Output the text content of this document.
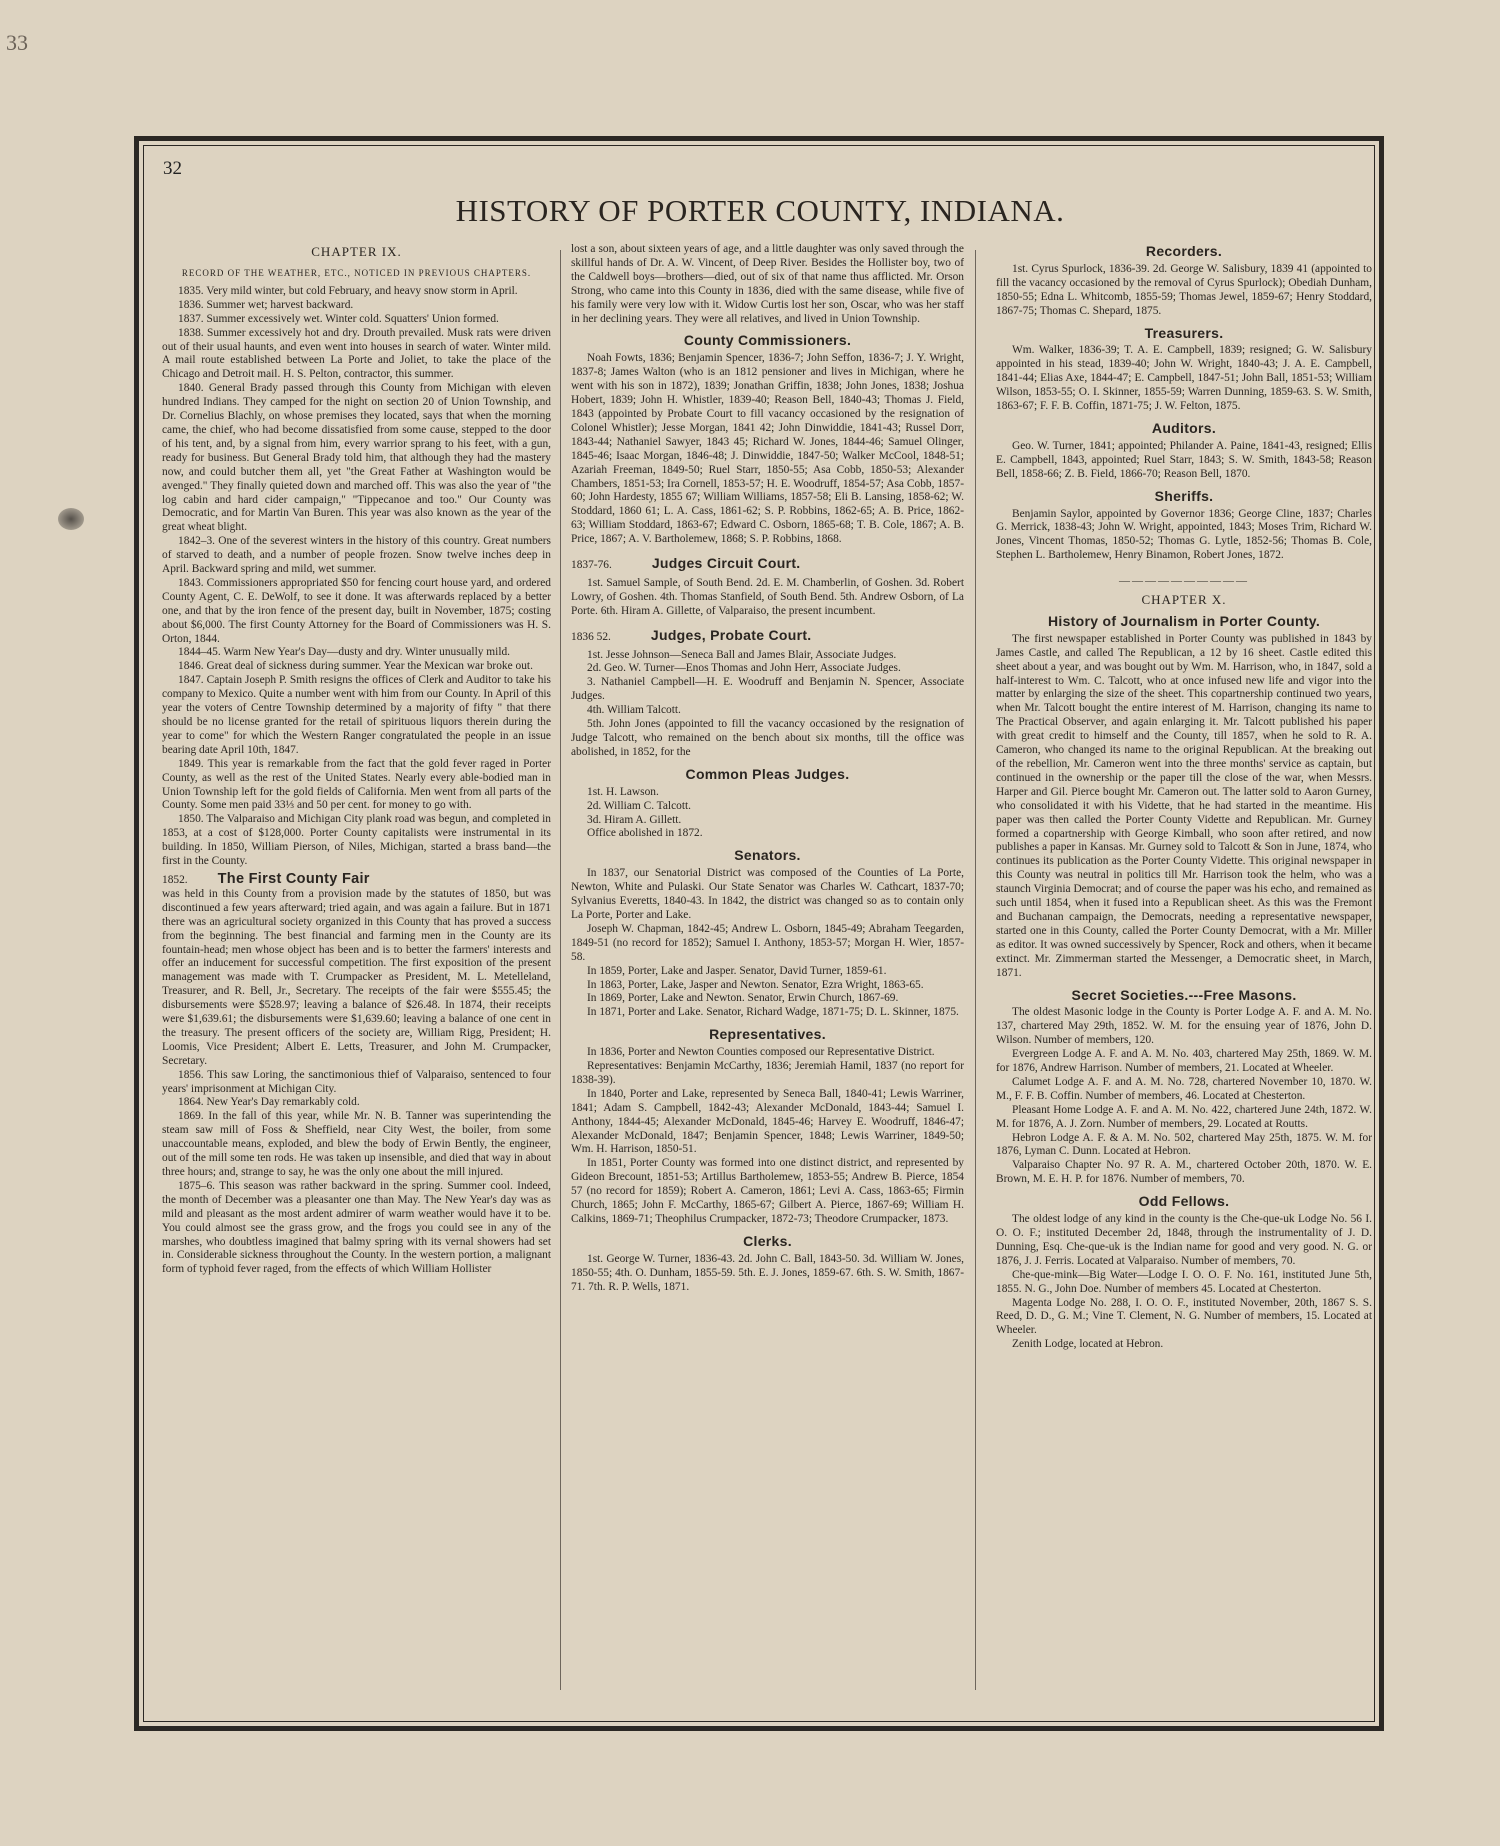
33
32
HISTORY OF PORTER COUNTY, INDIANA.
CHAPTER IX.
RECORD OF THE WEATHER, ETC., NOTICED IN PREVIOUS CHAPTERS.

1835. Very mild winter, but cold February, and heavy snow storm in April.

1836. Summer wet; harvest backward.

1837. Summer excessively wet. Winter cold. Squatters' Union formed.

1838. Summer excessively hot and dry. Drouth prevailed. Musk rats were driven out of their usual haunts, and even went into houses in search of water. Winter mild. A mail route established between La Porte and Joliet, to take the place of the Chicago and Detroit mail. H. S. Pelton, contractor, this summer.

1840. General Brady passed through this County from Michigan with eleven hundred Indians. They camped for the night on section 20 of Union Township, and Dr. Cornelius Blachly, on whose premises they located, says that when the morning came, the chief, who had become dissatisfied from some cause, stepped to the door of his tent, and, by a signal from him, every warrior sprang to his feet, with a gun, ready for business. But General Brady told him, that although they had the mastery now, and could butcher them all, yet "the Great Father at Washington would be avenged." They finally quieted down and marched off. This was also the year of "the log cabin and hard cider campaign," "Tippecanoe and too." Our County was Democratic, and for Martin Van Buren. This year was also known as the year of the great wheat blight.

1842–3. One of the severest winters in the history of this country. Great numbers of starved to death, and a number of people frozen. Snow twelve inches deep in April. Backward spring and mild, wet summer.

1843. Commissioners appropriated $50 for fencing court house yard, and ordered County Agent, C. E. DeWolf, to see it done. It was afterwards replaced by a better one, and that by the iron fence of the present day, built in November, 1875; costing about $6,000. The first County Attorney for the Board of Commissioners was H. S. Orton, 1844.

1844–45. Warm New Year's Day—dusty and dry. Winter unusually mild.

1846. Great deal of sickness during summer. Year the Mexican war broke out.

1847. Captain Joseph P. Smith resigns the offices of Clerk and Auditor to take his company to Mexico. Quite a number went with him from our County. In April of this year the voters of Centre Township determined by a majority of fifty " that there should be no license granted for the retail of spirituous liquors therein during the year to come" for which the Western Ranger congratulated the people in an issue bearing date April 10th, 1847.

1849. This year is remarkable from the fact that the gold fever raged in Porter County, as well as the rest of the United States. Nearly every able-bodied man in Union Township left for the gold fields of California. Men went from all parts of the County. Some men paid 33⅓ and 50 per cent. for money to go with.

1850. The Valparaiso and Michigan City plank road was begun, and completed in 1853, at a cost of $128,000. Porter County capitalists were instrumental in its building. In 1850, William Pierson, of Niles, Michigan, started a brass band—the first in the County.

1852. The First County Fair

was held in this County from a provision made by the statutes of 1850, but was discontinued a few years afterward; tried again, and was again a failure. But in 1871 there was an agricultural society organized in this County that has proved a success from the beginning. The best financial and farming men in the County are its fountain-head; men whose object has been and is to better the farmers' interests and offer an inducement for successful competition. The first exposition of the present management was made with T. Crumpacker as President, M. L. Metelleland, Treasurer, and R. Bell, Jr., Secretary. The receipts of the fair were $555.45; the disbursements were $528.97; leaving a balance of $26.48. In 1874, their receipts were $1,639.61; the disbursements were $1,639.60; leaving a balance of one cent in the treasury. The present officers of the society are, William Rigg, President; H. Loomis, Vice President; Albert E. Letts, Treasurer, and John M. Crumpacker, Secretary.

1856. This saw Loring, the sanctimonious thief of Valparaiso, sentenced to four years' imprisonment at Michigan City.

1864. New Year's Day remarkably cold.

1869. In the fall of this year, while Mr. N. B. Tanner was superintending the steam saw mill of Foss & Sheffield, near City West, the boiler, from some unaccountable means, exploded, and blew the body of Erwin Bently, the engineer, out of the mill some ten rods. He was taken up insensible, and died that way in about three hours; and, strange to say, he was the only one about the mill injured.

1875–6. This season was rather backward in the spring. Summer cool. Indeed, the month of December was a pleasanter one than May. The New Year's day was as mild and pleasant as the most ardent admirer of warm weather would have it to be. You could almost see the grass grow, and the frogs you could see in any of the marshes, who doubtless imagined that balmy spring with its vernal showers had set in. Considerable sickness throughout the County. In the western portion, a malignant form of typhoid fever raged, from the effects of which William Hollister

lost a son, about sixteen years of age, and a little daughter was only saved through the skillful hands of Dr. A. W. Vincent, of Deep River. Besides the Hollister boy, two of the Caldwell boys—brothers—died, out of six of that name thus afflicted. Mr. Orson Strong, who came into this County in 1836, died with the same disease, while five of his family were very low with it. Widow Curtis lost her son, Oscar, who was her staff in her declining years. They were all relatives, and lived in Union Township.

County Commissioners.

Noah Fowts, 1836; Benjamin Spencer, 1836-7; John Seffon, 1836-7; J. Y. Wright, 1837-8; James Walton (who is an 1812 pensioner and lives in Michigan, where he went with his son in 1872), 1839; Jonathan Griffin, 1838; John Jones, 1838; Joshua Hobert, 1839; John H. Whistler, 1839-40; Reason Bell, 1840-43; Thomas J. Field, 1843 (appointed by Probate Court to fill vacancy occasioned by the resignation of Colonel Whistler); Jesse Morgan, 1841 42; John Dinwiddie, 1841-43; Russel Dorr, 1843-44; Nathaniel Sawyer, 1843 45; Richard W. Jones, 1844-46; Samuel Olinger, 1845-46; Isaac Morgan, 1846-48; J. Dinwiddie, 1847-50; Walker McCool, 1848-51; Azariah Freeman, 1849-50; Ruel Starr, 1850-55; Asa Cobb, 1850-53; Alexander Chambers, 1851-53; Ira Cornell, 1853-57; H. E. Woodruff, 1854-57; Asa Cobb, 1857-60; John Hardesty, 1855 67; William Williams, 1857-58; Eli B. Lansing, 1858-62; W. Stoddard, 1860 61; L. A. Cass, 1861-62; S. P. Robbins, 1862-65; A. B. Price, 1862-63; William Stoddard, 1863-67; Edward C. Osborn, 1865-68; T. B. Cole, 1867; A. B. Price, 1867; A. V. Bartholemew, 1868; S. P. Robbins, 1868.

1837-76.	Judges Circuit Court.

1st. Samuel Sample, of South Bend. 2d. E. M. Chamberlin, of Goshen. 3d. Robert Lowry, of Goshen. 4th. Thomas Stanfield, of South Bend. 5th. Andrew Osborn, of La Porte. 6th. Hiram A. Gillette, of Valparaiso, the present incumbent.

1836 52.	Judges, Probate Court.

1st. Jesse Johnson—Seneca Ball and James Blair, Associate Judges.

2d. Geo. W. Turner—Enos Thomas and John Herr, Associate Judges.

3. Nathaniel Campbell—H. E. Woodruff and Benjamin N. Spencer, Associate Judges.

4th. William Talcott.

5th. John Jones (appointed to fill the vacancy occasioned by the resignation of Judge Talcott, who remained on the bench about six months, till the office was abolished, in 1852, for the

Common Pleas Judges.

1st. H. Lawson.

2d. William C. Talcott.

3d. Hiram A. Gillett.

Office abolished in 1872.

Senators.

In 1837, our Senatorial District was composed of the Counties of La Porte, Newton, White and Pulaski. Our State Senator was Charles W. Cathcart, 1837-70; Sylvanius Everetts, 1840-43. In 1842, the district was changed so as to contain only La Porte, Porter and Lake.

Joseph W. Chapman, 1842-45; Andrew L. Osborn, 1845-49; Abraham Teegarden, 1849-51 (no record for 1852); Samuel I. Anthony, 1853-57; Morgan H. Wier, 1857-58.

In 1859, Porter, Lake and Jasper. Senator, David Turner, 1859-61.

In 1863, Porter, Lake, Jasper and Newton. Senator, Ezra Wright, 1863-65.

In 1869, Porter, Lake and Newton. Senator, Erwin Church, 1867-69.

In 1871, Porter and Lake. Senator, Richard Wadge, 1871-75; D. L. Skinner, 1875.

Representatives.

In 1836, Porter and Newton Counties composed our Representative District.

Representatives: Benjamin McCarthy, 1836; Jeremiah Hamil, 1837 (no report for 1838-39).

In 1840, Porter and Lake, represented by Seneca Ball, 1840-41; Lewis Warriner, 1841; Adam S. Campbell, 1842-43; Alexander McDonald, 1843-44; Samuel I. Anthony, 1844-45; Alexander McDonald, 1845-46; Harvey E. Woodruff, 1846-47; Alexander McDonald, 1847; Benjamin Spencer, 1848; Lewis Warriner, 1849-50; Wm. H. Harrison, 1850-51.

In 1851, Porter County was formed into one distinct district, and represented by Gideon Brecount, 1851-53; Artillus Bartholemew, 1853-55; Andrew B. Pierce, 1854 57 (no record for 1859); Robert A. Cameron, 1861; Levi A. Cass, 1863-65; Firmin Church, 1865; John F. McCarthy, 1865-67; Gilbert A. Pierce, 1867-69; William H. Calkins, 1869-71; Theophilus Crumpacker, 1872-73; Theodore Crumpacker, 1873.

Clerks.

1st. George W. Turner, 1836-43. 2d. John C. Ball, 1843-50. 3d. William W. Jones, 1850-55; 4th. O. Dunham, 1855-59. 5th. E. J. Jones, 1859-67. 6th. S. W. Smith, 1867-71. 7th. R. P. Wells, 1871.

Recorders.

1st. Cyrus Spurlock, 1836-39. 2d. George W. Salisbury, 1839 41 (appointed to fill the vacancy occasioned by the removal of Cyrus Spurlock); Obediah Dunham, 1850-55; Edna L. Whitcomb, 1855-59; Thomas Jewel, 1859-67; Henry Stoddard, 1867-75; Thomas C. Shepard, 1875.

Treasurers.

Wm. Walker, 1836-39; T. A. E. Campbell, 1839; resigned; G. W. Salisbury appointed in his stead, 1839-40; John W. Wright, 1840-43; J. A. E. Campbell, 1841-44; Elias Axe, 1844-47; E. Campbell, 1847-51; John Ball, 1851-53; William Wilson, 1853-55; O. I. Skinner, 1855-59; Warren Dunning, 1859-63. S. W. Smith, 1863-67; F. F. B. Coffin, 1871-75; J. W. Felton, 1875.

Auditors.

Geo. W. Turner, 1841; appointed; Philander A. Paine, 1841-43, resigned; Ellis E. Campbell, 1843, appointed; Ruel Starr, 1843; S. W. Smith, 1843-58; Reason Bell, 1858-66; Z. B. Field, 1866-70; Reason Bell, 1870.

Sheriffs.

Benjamin Saylor, appointed by Governor 1836; George Cline, 1837; Charles G. Merrick, 1838-43; John W. Wright, appointed, 1843; Moses Trim, Richard W. Jones, Vincent Thomas, 1850-52; Thomas G. Lytle, 1852-56; Thomas B. Cole, Stephen L. Bartholemew, Henry Binamon, Robert Jones, 1872.

――――――――――
CHAPTER X.
History of Journalism in Porter County.

The first newspaper established in Porter County was published in 1843 by James Castle, and called The Republican, a 12 by 16 sheet. Castle edited this sheet about a year, and was bought out by Wm. M. Harrison, who, in 1847, sold a half-interest to Wm. C. Talcott, who at once infused new life and vigor into the matter by enlarging the size of the sheet. This copartnership continued two years, when Mr. Talcott bought the entire interest of M. Harrison, changing its name to The Practical Observer, and again enlarging it. Mr. Talcott published his paper with great credit to himself and the County, till 1857, when he sold to R. A. Cameron, who changed its name to the original Republican. At the breaking out of the rebellion, Mr. Cameron went into the three months' service as captain, but continued in the ownership or the paper till the close of the war, when Messrs. Harper and Gil. Pierce bought Mr. Cameron out. The latter sold to Aaron Gurney, who consolidated it with his Vidette, that he had started in the meantime. His paper was then called the Porter County Vidette and Republican. Mr. Gurney formed a copartnership with George Kimball, who soon after retired, and now publishes a paper in Kansas. Mr. Gurney sold to Talcott & Son in June, 1874, who continues its publication as the Porter County Vidette. This original newspaper in this County was neutral in politics till Mr. Harrison took the helm, who was a staunch Virginia Democrat; and of course the paper was his echo, and remained as such until 1854, when it fused into a Republican sheet. As this was the Fremont and Buchanan campaign, the Democrats, needing a representative newspaper, started one in this County, called the Porter County Democrat, with a Mr. Miller as editor. It was owned successively by Spencer, Rock and others, when it became extinct. Mr. Zimmerman started the Messenger, a Democratic sheet, in March, 1871.

Secret Societies.---Free Masons.

The oldest Masonic lodge in the County is Porter Lodge A. F. and A. M. No. 137, chartered May 29th, 1852. W. M. for the ensuing year of 1876, John D. Wilson. Number of members, 120.

Evergreen Lodge A. F. and A. M. No. 403, chartered May 25th, 1869. W. M. for 1876, Andrew Harrison. Number of members, 21. Located at Wheeler.

Calumet Lodge A. F. and A. M. No. 728, chartered November 10, 1870. W. M., F. F. B. Coffin. Number of members, 46. Located at Chesterton.

Pleasant Home Lodge A. F. and A. M. No. 422, chartered June 24th, 1872. W. M. for 1876, A. J. Zorn. Number of members, 29. Located at Routts.

Hebron Lodge A. F. & A. M. No. 502, chartered May 25th, 1875. W. M. for 1876, Lyman C. Dunn. Located at Hebron.

Valparaiso Chapter No. 97 R. A. M., chartered October 20th, 1870. W. E. Brown, M. E. H. P. for 1876. Number of members, 70.

Odd Fellows.

The oldest lodge of any kind in the county is the Che-que-uk Lodge No. 56 I. O. O. F.; instituted December 2d, 1848, through the instrumentality of J. D. Dunning, Esq. Che-que-uk is the Indian name for good and very good. N. G. or 1876, J. J. Ferris. Located at Valparaiso. Number of members, 70.

Che-que-mink—Big Water—Lodge I. O. O. F. No. 161, instituted June 5th, 1855. N. G., John Doe. Number of members 45. Located at Chesterton.

Magenta Lodge No. 288, I. O. O. F., instituted November, 20th, 1867 S. S. Reed, D. D., G. M.; Vine T. Clement, N. G. Number of members, 15. Located at Wheeler.

Zenith Lodge, located at Hebron.
